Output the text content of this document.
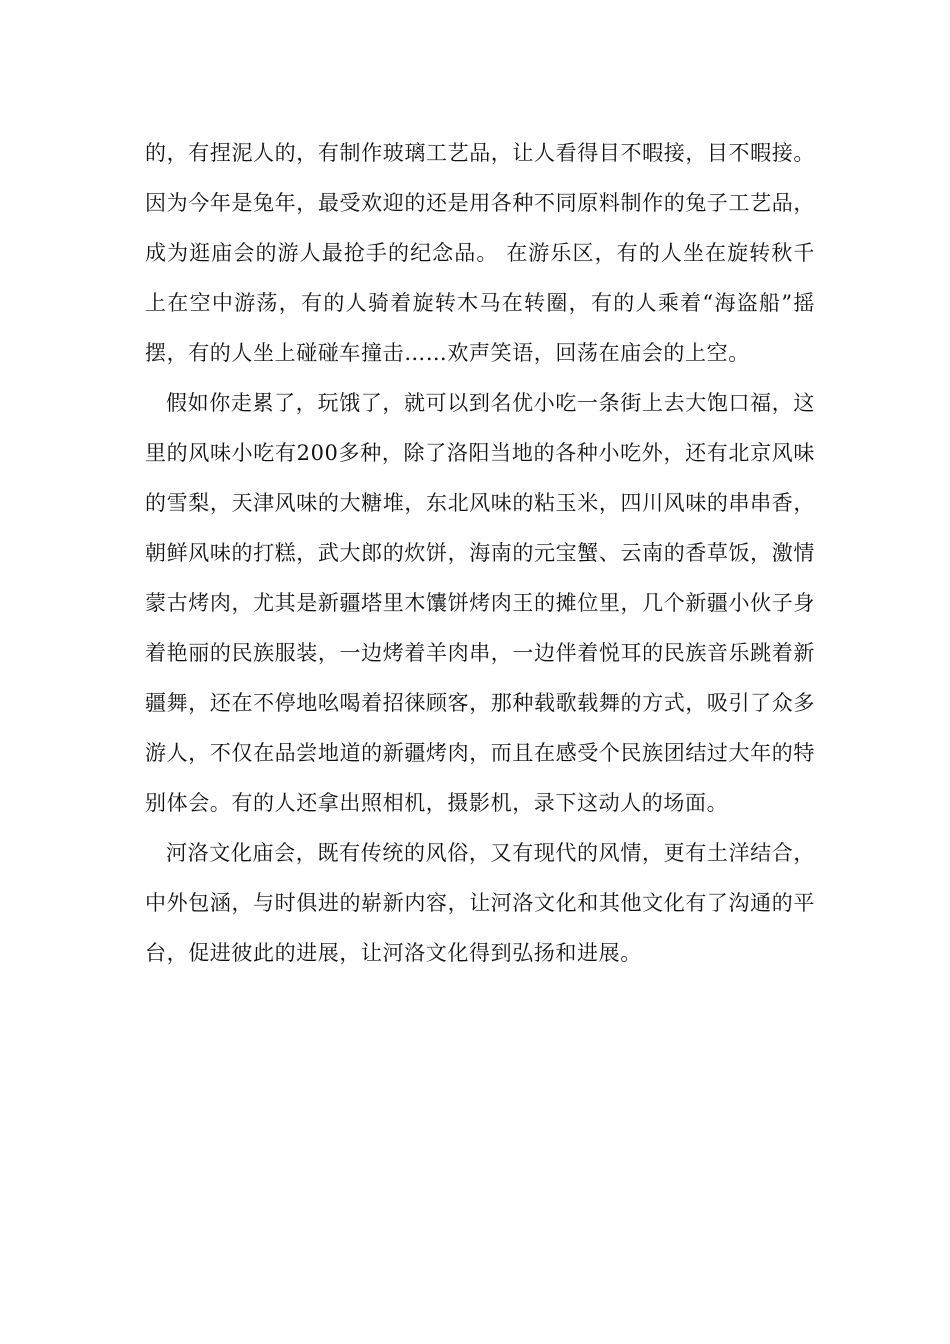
的，有捏泥人的，有制作玻璃工艺品，让人看得目不暇接，目不暇接。因为今年是兔年，最受欢迎的还是用各种不同原料制作的兔子工艺品，成为逛庙会的游人最抢手的纪念品。 在游乐区，有的人坐在旋转秋千上在空中游荡，有的人骑着旋转木马在转圈，有的人乘着“海盗船”摇摆，有的人坐上碰碰车撞击……欢声笑语，回荡在庙会的上空。

假如你走累了，玩饿了，就可以到名优小吃一条街上去大饱口福，这里的风味小吃有200多种，除了洛阳当地的各种小吃外，还有北京风味的雪梨，天津风味的大糖堆，东北风味的粘玉米，四川风味的串串香，朝鲜风味的打糕，武大郎的炊饼，海南的元宝蟹、云南的香草饭，激情蒙古烤肉，尤其是新疆塔里木馕饼烤肉王的摊位里，几个新疆小伙子身着艳丽的民族服装，一边烤着羊肉串，一边伴着悦耳的民族音乐跳着新疆舞，还在不停地吆喝着招徕顾客，那种载歌载舞的方式，吸引了众多游人，不仅在品尝地道的新疆烤肉，而且在感受个民族团结过大年的特别体会。有的人还拿出照相机，摄影机，录下这动人的场面。

河洛文化庙会，既有传统的风俗，又有现代的风情，更有土洋结合，中外包涵，与时俱进的崭新内容，让河洛文化和其他文化有了沟通的平台，促进彼此的进展，让河洛文化得到弘扬和进展。
